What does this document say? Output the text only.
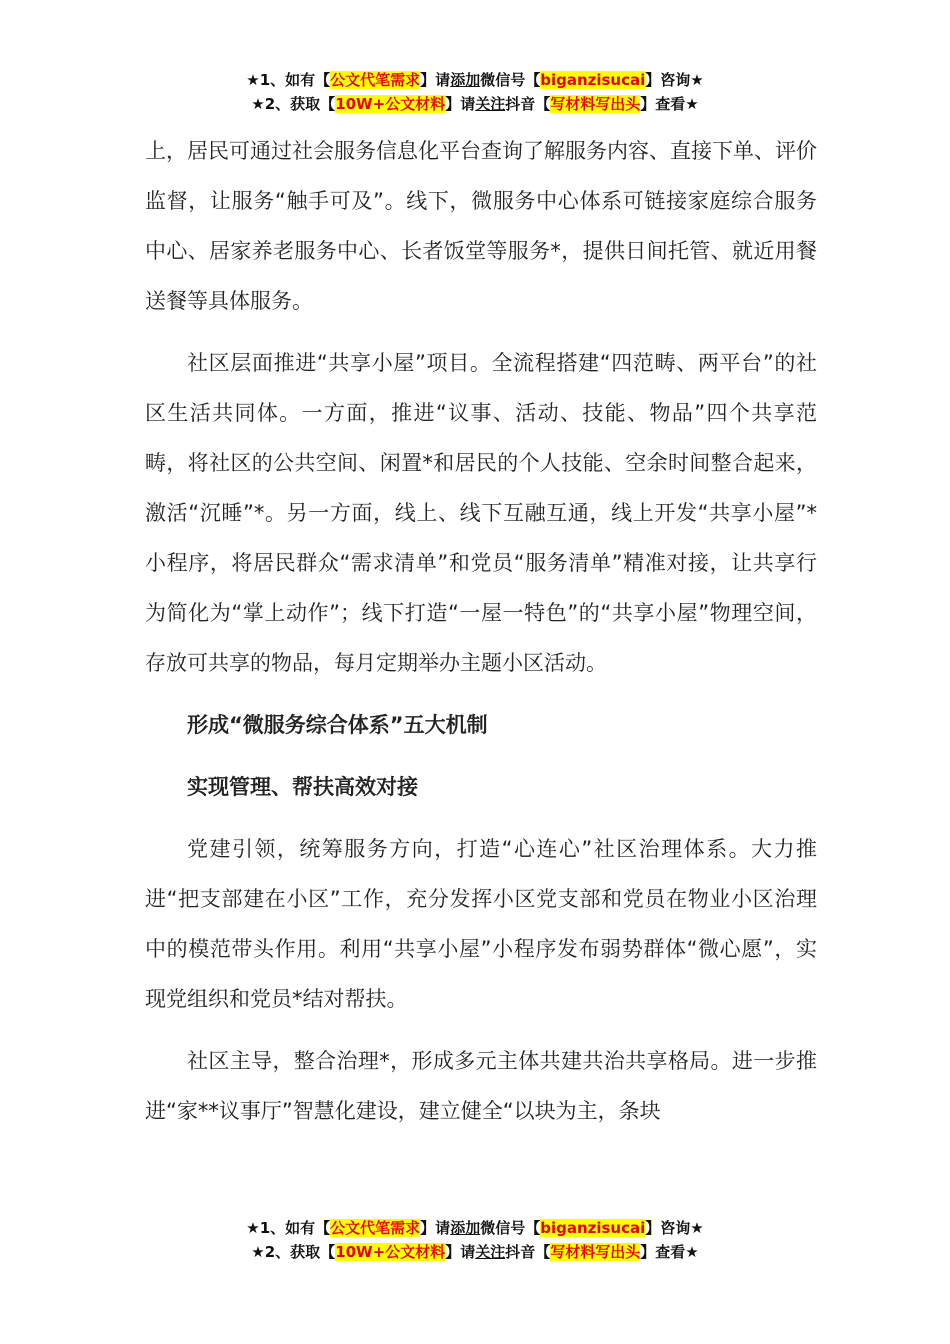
★1、如有【公文代笔需求】请添加微信号【biganzisucai】咨询★
★2、获取【10W+公文材料】请关注抖音【写材料写出头】查看★

上，居民可通过社会服务信息化平台查询了解服务内容、直接下单、评价监督，让服务“触手可及”。线下，微服务中心体系可链接家庭综合服务中心、居家养老服务中心、长者饭堂等服务*，提供日间托管、就近用餐送餐等具体服务。

社区层面推进“共享小屋”项目。全流程搭建“四范畴、两平台”的社区生活共同体。一方面，推进“议事、活动、技能、物品”四个共享范畴，将社区的公共空间、闲置*和居民的个人技能、空余时间整合起来，激活“沉睡”*。另一方面，线上、线下互融互通，线上开发“共享小屋”*小程序，将居民群众“需求清单”和党员“服务清单”精准对接，让共享行为简化为“掌上动作”；线下打造“一屋一特色”的“共享小屋”物理空间，存放可共享的物品，每月定期举办主题小区活动。

形成“微服务综合体系”五大机制

实现管理、帮扶高效对接

党建引领，统筹服务方向，打造“心连心”社区治理体系。大力推进“把支部建在小区”工作，充分发挥小区党支部和党员在物业小区治理中的模范带头作用。利用“共享小屋”小程序发布弱势群体“微心愿”，实现党组织和党员*结对帮扶。

社区主导，整合治理*，形成多元主体共建共治共享格局。进一步推进“家**议事厅”智慧化建设，建立健全“以块为主，条块

★1、如有【公文代笔需求】请添加微信号【biganzisucai】咨询★
★2、获取【10W+公文材料】请关注抖音【写材料写出头】查看★
